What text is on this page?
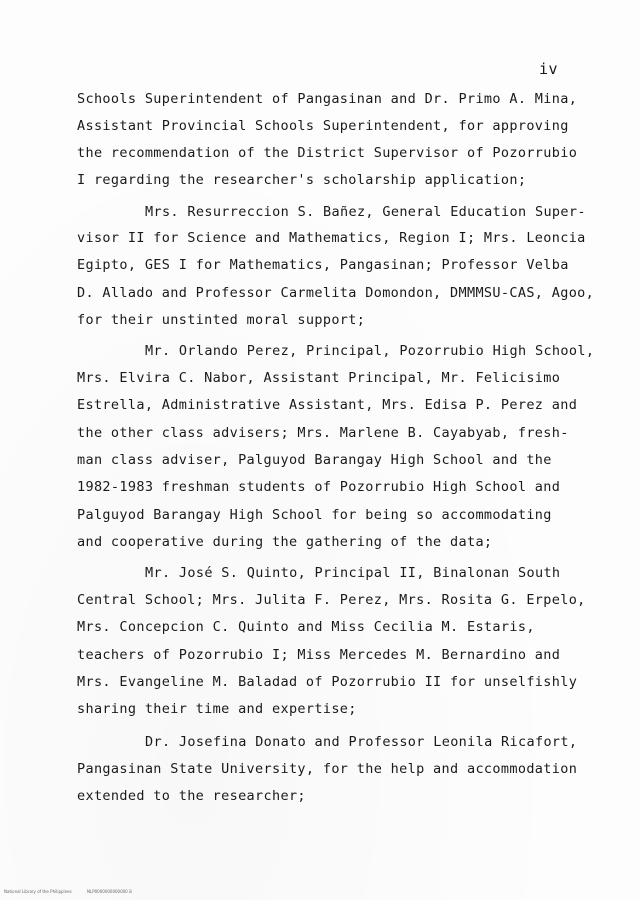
iv
Schools Superintendent of Pangasinan and Dr. Primo A. Mina,
Assistant Provincial Schools Superintendent, for approving
the recommendation of the District Supervisor of Pozorrubio
I regarding the researcher's scholarship application;
Mrs. Resurreccion S. Bañez, General Education Super-
visor II for Science and Mathematics, Region I; Mrs. Leoncia
Egipto, GES I for Mathematics, Pangasinan; Professor Velba
D. Allado and Professor Carmelita Domondon, DMMMSU-CAS, Agoo,
for their unstinted moral support;
Mr. Orlando Perez, Principal, Pozorrubio High School,
Mrs. Elvira C. Nabor, Assistant Principal, Mr. Felicisimo
Estrella, Administrative Assistant, Mrs. Edisa P. Perez and
the other class advisers; Mrs. Marlene B. Cayabyab, fresh-
man class adviser, Palguyod Barangay High School and the
1982-1983 freshman students of Pozorrubio High School and
Palguyod Barangay High School for being so accommodating
and cooperative during the gathering of the data;
Mr. José S. Quinto, Principal II, Binalonan South
Central School; Mrs. Julita F. Perez, Mrs. Rosita G. Erpelo,
Mrs. Concepcion C. Quinto and Miss Cecilia M. Estaris,
teachers of Pozorrubio I; Miss Mercedes M. Bernardino and
Mrs. Evangeline M. Baladad of Pozorrubio II for unselfishly
sharing their time and expertise;
Dr. Josefina Donato and Professor Leonila Ricafort,
Pangasinan State University, for the help and accommodation
extended to the researcher;
National Library of the Philippines	NLP0000000000000 iii
